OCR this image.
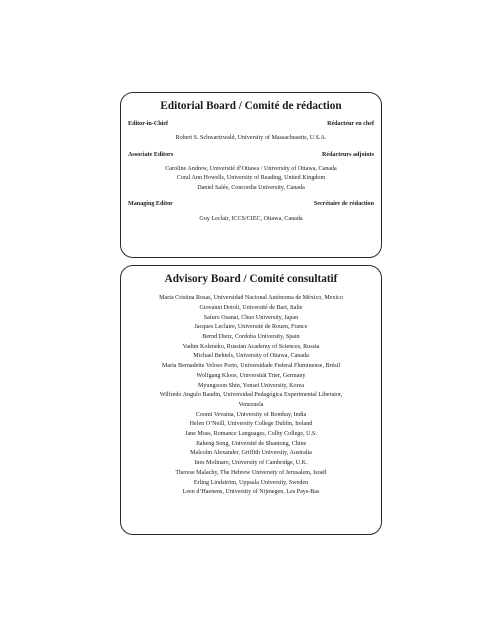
Editorial Board / Comité de rédaction
Editor-in-Chief	Rédacteur en chef
Robert S. Schwartzwald, University of Massachusetts, U.S.A.
Associate Editors	Rédacteurs adjoints
Caroline Andrew, Université d’Ottawa / University of Ottawa, Canada
Coral Ann Howells, University of Reading, United Kingdom
Daniel Salée, Concordia University, Canada
Managing Editor	Secrétaire de rédaction
Guy Leclair, ICCS/CIEC, Ottawa, Canada
Advisory Board / Comité consultatif
Maria Cristina Rosas, Universidad Nacional Autónoma de México, Mexico
Giovanni Dotoli, Université de Bari, Italie
Saturo Osanai, Chuo University, Japan
Jacques Leclaire, Université de Rouen, France
Bernd Dietz, Cordoba University, Spain
Vadim Koleneko, Russian Academy of Sciences, Russia
Michael Behiels, University of Ottawa, Canada
Maria Bernadette Veloso Porto, Universidade Federal Fluminense, Brésil
Wolfgang Kloos, Universität Trier, Germany
Myungsoon Shin, Yonsei University, Korea
Wilfredo Angulo Baudin, Universidad Pedagógica Experimental Liberator,
Venezuela
Coomi Vevaina, University of Bombay, India
Helen O’Neill, University College Dublin, Ireland
Jane Moss, Romance Languages, Colby College, U.S.
Jiaheng Song, Université de Shantong, Chine
Malcolm Alexander, Griffith University, Australia
Ines Molinaro, University of Cambridge, U.K.
Therese Malachy, The Hebrew University of Jerusalem, Israël
Erling Lindström, Uppsala University, Sweden
Leen d’Haenens, University of Nijmegen, Les Pays-Bas
